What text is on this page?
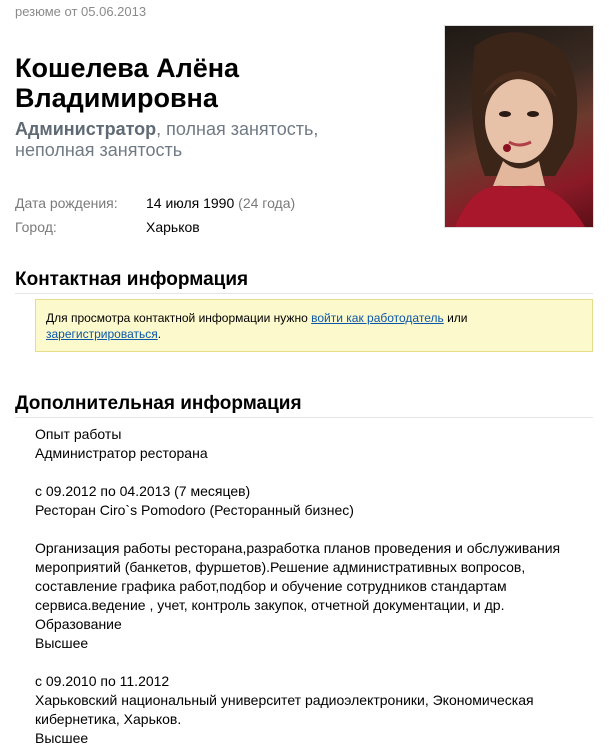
резюме от 05.06.2013
Кошелева Алёна
Владимировна
Администратор, полная занятость,
неполная занятость
Дата рождения: 14 июля 1990 (24 года)
Город:	Харьков
Контактная информация
Для просмотра контактной информации нужно войти как работодатель или
зарегистрироваться.
Дополнительная информация
Опыт работы
Администратор ресторана
с 09.2012 по 04.2013 (7 месяцев)
Ресторан Ciro`s Pomodoro (Ресторанный бизнес)
Организация работы ресторана,разработка планов проведения и обслуживания
мероприятий (банкетов, фуршетов).Решение административных вопросов,
составление графика работ,подбор и обучение сотрудников стандартам
сервиса.ведение , учет, контроль закупок, отчетной документации, и др.
Образование
Высшее
с 09.2010 по 11.2012
Харьковский национальный университет радиоэлектроники, Экономическая
кибернетика, Харьков.
Высшее
